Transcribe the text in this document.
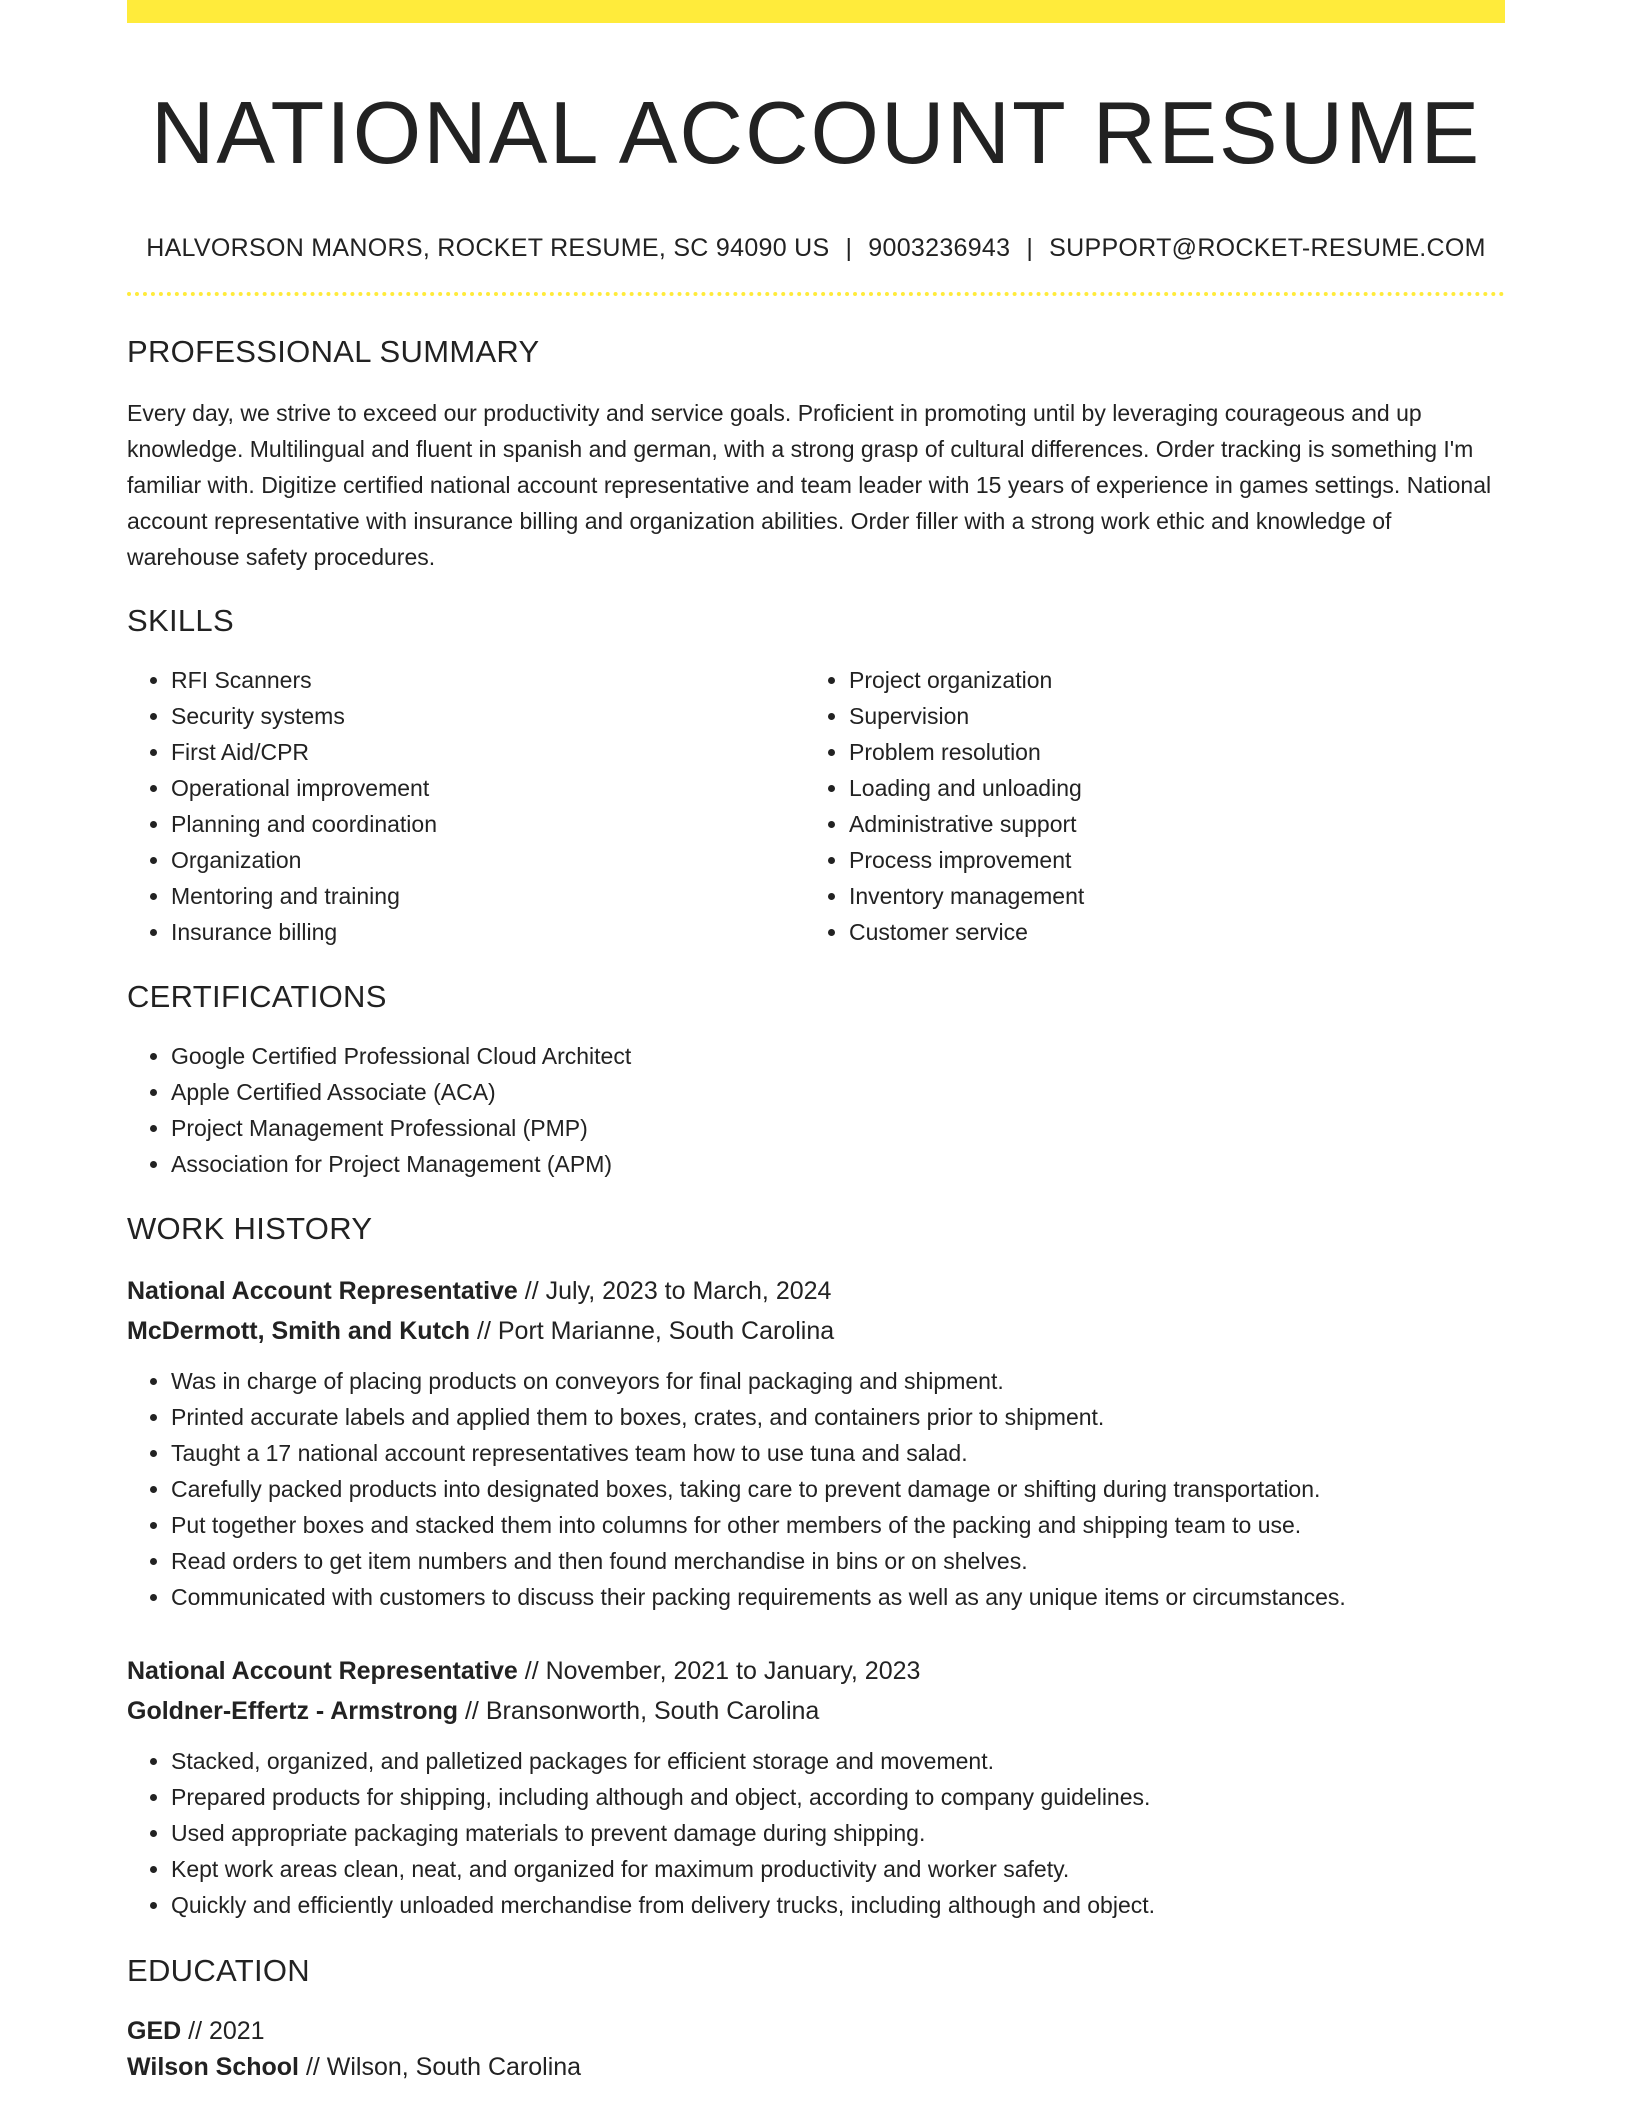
NATIONAL ACCOUNT RESUME
HALVORSON MANORS, ROCKET RESUME, SC 94090 US | 9003236943 | SUPPORT@ROCKET-RESUME.COM
PROFESSIONAL SUMMARY

Every day, we strive to exceed our productivity and service goals. Proficient in promoting until by leveraging courageous and up knowledge. Multilingual and fluent in spanish and german, with a strong grasp of cultural differences. Order tracking is something I'm familiar with. Digitize certified national account representative and team leader with 15 years of experience in games settings. National account representative with insurance billing and organization abilities. Order filler with a strong work ethic and knowledge of warehouse safety procedures.

SKILLS
• RFI Scanners
• Security systems
• First Aid/CPR
• Operational improvement
• Planning and coordination
• Organization
• Mentoring and training
• Insurance billing
• Project organization
• Supervision
• Problem resolution
• Loading and unloading
• Administrative support
• Process improvement
• Inventory management
• Customer service
CERTIFICATIONS
• Google Certified Professional Cloud Architect
• Apple Certified Associate (ACA)
• Project Management Professional (PMP)
• Association for Project Management (APM)
WORK HISTORY
National Account Representative // July, 2023 to March, 2024
McDermott, Smith and Kutch // Port Marianne, South Carolina
• Was in charge of placing products on conveyors for final packaging and shipment.
• Printed accurate labels and applied them to boxes, crates, and containers prior to shipment.
• Taught a 17 national account representatives team how to use tuna and salad.
• Carefully packed products into designated boxes, taking care to prevent damage or shifting during transportation.
• Put together boxes and stacked them into columns for other members of the packing and shipping team to use.
• Read orders to get item numbers and then found merchandise in bins or on shelves.
• Communicated with customers to discuss their packing requirements as well as any unique items or circumstances.
National Account Representative // November, 2021 to January, 2023
Goldner-Effertz - Armstrong // Bransonworth, South Carolina
• Stacked, organized, and palletized packages for efficient storage and movement.
• Prepared products for shipping, including although and object, according to company guidelines.
• Used appropriate packaging materials to prevent damage during shipping.
• Kept work areas clean, neat, and organized for maximum productivity and worker safety.
• Quickly and efficiently unloaded merchandise from delivery trucks, including although and object.
EDUCATION
GED // 2021
Wilson School // Wilson, South Carolina
